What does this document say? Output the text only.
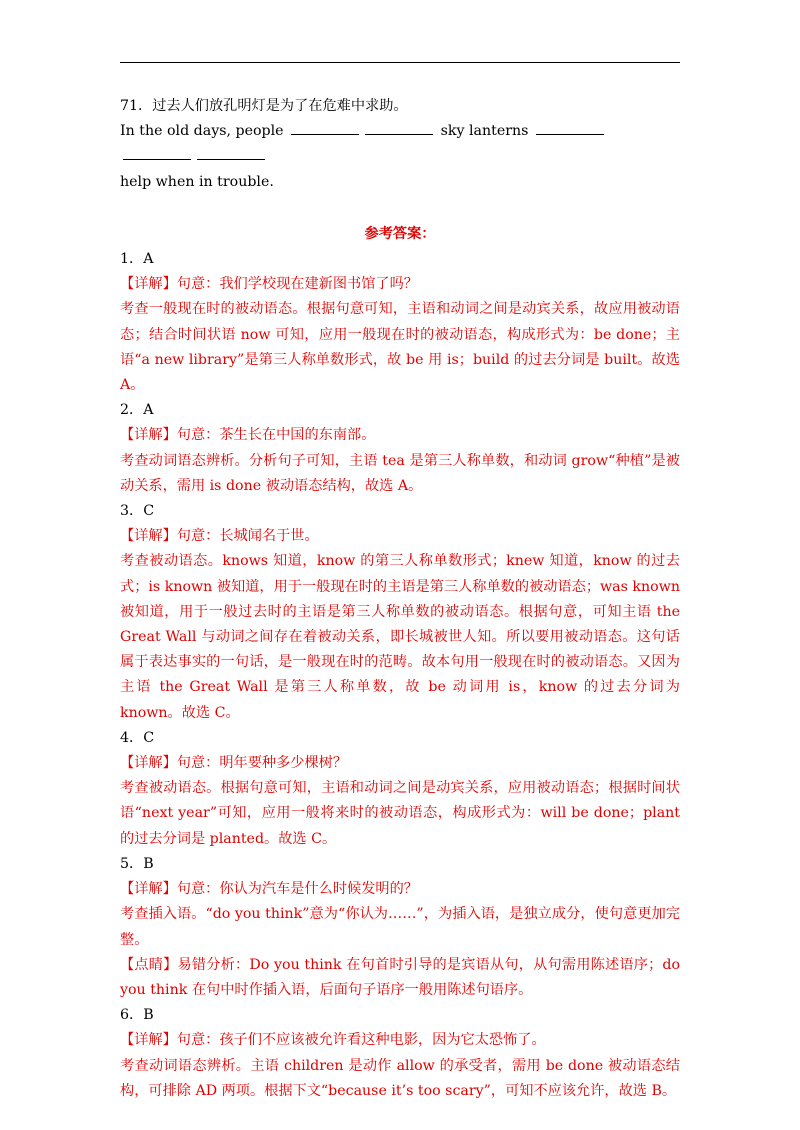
71．过去人们放孔明灯是为了在危难中求助。

In the old days, people	sky lanterns
help when in trouble.

参考答案：

1．A

【详解】句意：我们学校现在建新图书馆了吗？

考查一般现在时的被动语态。根据句意可知，主语和动词之间是动宾关系，故应用被动语态；结合时间状语 now 可知，应用一般现在时的被动语态，构成形式为：be done；主语“a new library”是第三人称单数形式，故 be 用 is；build 的过去分词是 built。故选 A。

2．A

【详解】句意：茶生长在中国的东南部。

考查动词语态辨析。分析句子可知，主语 tea 是第三人称单数，和动词 grow“种植”是被动关系，需用 is done 被动语态结构，故选 A。

3．C

【详解】句意：长城闻名于世。

考查被动语态。knows 知道，know 的第三人称单数形式；knew 知道，know 的过去式；is known 被知道，用于一般现在时的主语是第三人称单数的被动语态；was known 被知道，用于一般过去时的主语是第三人称单数的被动语态。根据句意，可知主语 the Great Wall 与动词之间存在着被动关系，即长城被世人知。所以要用被动语态。这句话属于表达事实的一句话，是一般现在时的范畴。故本句用一般现在时的被动语态。又因为主语 the Great Wall 是第三人称单数，故 be 动词用 is，know 的过去分词为 known。故选 C。

4．C

【详解】句意：明年要种多少棵树？

考查被动语态。根据句意可知，主语和动词之间是动宾关系，应用被动语态；根据时间状语“next year”可知，应用一般将来时的被动语态，构成形式为：will be done；plant 的过去分词是 planted。故选 C。

5．B

【详解】句意：你认为汽车是什么时候发明的？

考查插入语。“do you think”意为“你认为……”，为插入语，是独立成分，使句意更加完整。

【点睛】易错分析：Do you think 在句首时引导的是宾语从句，从句需用陈述语序；do you think 在句中时作插入语，后面句子语序一般用陈述句语序。

6．B

【详解】句意：孩子们不应该被允许看这种电影，因为它太恐怖了。

考查动词语态辨析。主语 children 是动作 allow 的承受者，需用 be done 被动语态结构，可排除 AD 两项。根据下文“because it’s too scary”，可知不应该允许，故选 B。
